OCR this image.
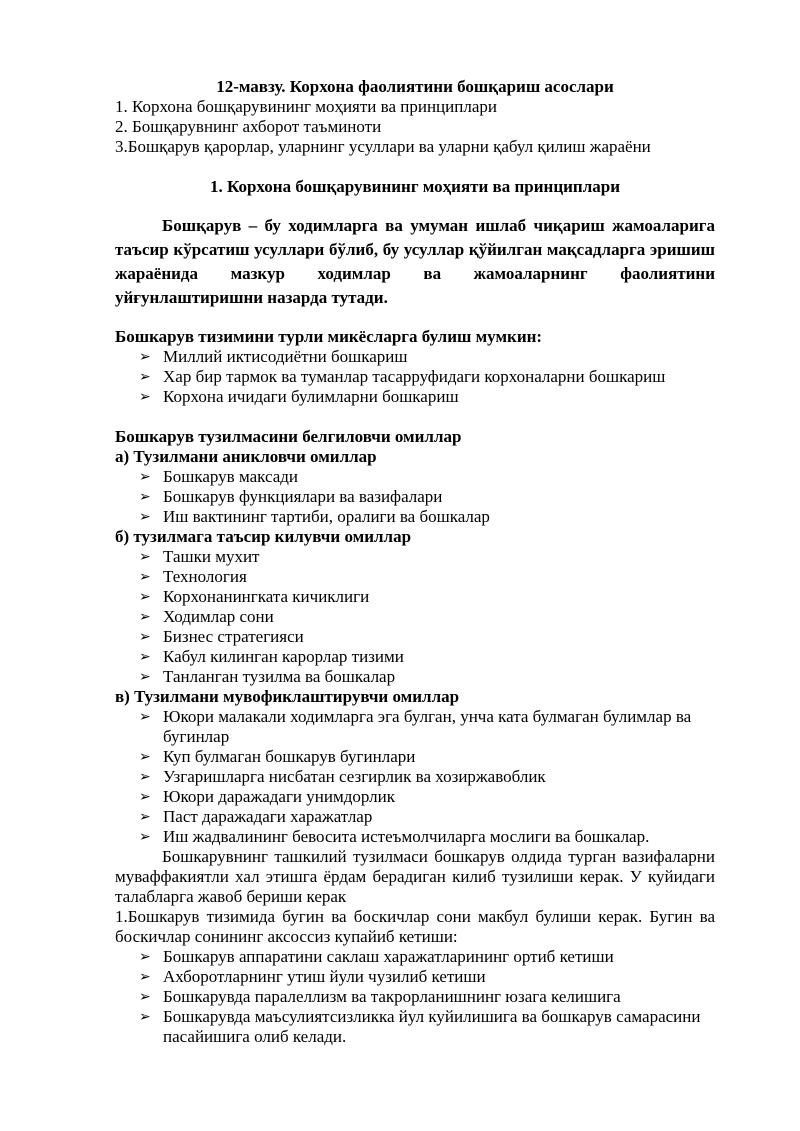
12-мавзу. Корхона фаолиятини бошқариш асослари

1. Корхона бошқарувининг моҳияти ва принциплари

2. Бошқарувнинг ахборот таъминоти

3.Бошқарув қарорлар, уларнинг усуллари ва уларни қабул қилиш жараёни

1. Корхона бошқарувининг моҳияти ва принциплари

Бошқарув – бу ходимларга ва умуман ишлаб чиқариш жамоаларига таъсир кўрсатиш усуллари бўлиб, бу усуллар қўйилган мақсадларга эришиш жараёнида мазкур ходимлар ва жамоаларнинг фаолиятини уйғунлаштиришни назарда тутади.

Бошкарув тизимини турли микёсларга булиш мумкин:

➢ Миллий иктисодиётни бошкариш
➢ Хар бир тармок ва туманлар тасарруфидаги корхоналарни бошкариш
➢ Корхона ичидаги булимларни бошкариш

Бошкарув тузилмасини белгиловчи омиллар

а) Тузилмани аникловчи омиллар

➢ Бошкарув максади
➢ Бошкарув функциялари ва вазифалари
➢ Иш вактининг тартиби, оралиги ва бошкалар

б) тузилмага таъсир килувчи омиллар

➢ Ташки мухит
➢ Технология
➢ Корхонанингката кичиклиги
➢ Ходимлар сони
➢ Бизнес стратегияси
➢ Кабул килинган карорлар тизими
➢ Танланган тузилма ва бошкалар

в) Тузилмани мувофиклаштирувчи омиллар

➢ Юкори малакали ходимларга эга булган, унча ката булмаган булимлар ва бугинлар
➢ Куп булмаган бошкарув бугинлари
➢ Узгаришларга нисбатан сезгирлик ва хозиржавоблик
➢ Юкори даражадаги унимдорлик
➢ Паст даражадаги харажатлар
➢ Иш жадвалининг бевосита истеъмолчиларга мослиги ва бошкалар.

Бошкарувнинг ташкилий тузилмаси бошкарув олдида турган вазифаларни муваффакиятли хал этишга ёрдам берадиган килиб тузилиши керак. У куйидаги талабларга жавоб бериши керак

1.Бошкарув тизимида бугин ва боскичлар сони макбул булиши керак. Бугин ва боскичлар сонининг аксоссиз купайиб кетиши:

➢ Бошкарув аппаратини саклаш харажатларининг ортиб кетиши
➢ Ахборотларнинг утиш йули чузилиб кетиши
➢ Бошкарувда паралеллизм ва такрорланишнинг юзага келишига
➢ Бошкарувда маъсулиятсизликка йул куйилишига ва бошкарув самарасини пасайишига олиб келади.
